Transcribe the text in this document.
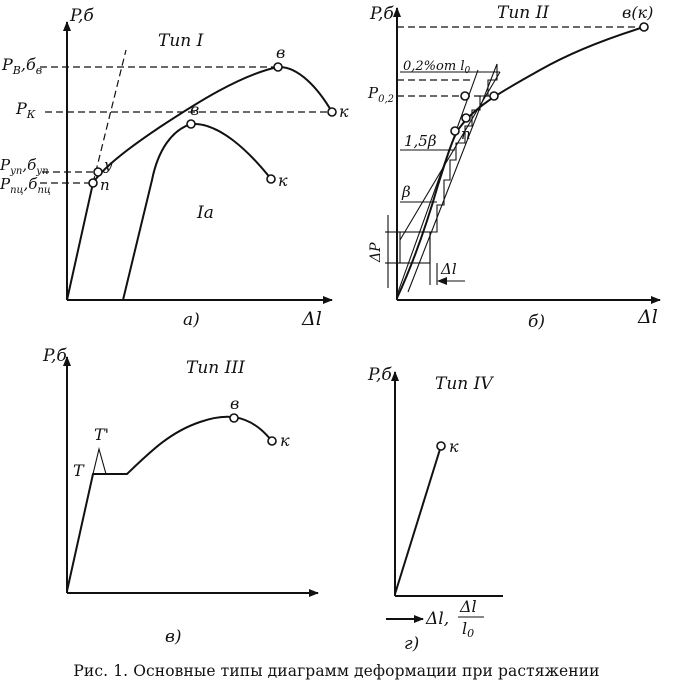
P,б
Тип I
Δl
а)
Iа
в
к
у
п
в
к
$P_В,б_в$
$P_К$
$P_{уп},б_{уп}$
$P_{пц},б_{пц}$
P,б	Тип II
Δl
б)
в(к)
0,2%от $l_0$
$P_{0,2}$
1,5β
β
п
ΔP
Δl
P,б
Тип III
в)
T
T'
в
к
P,б	Тип IV
г)
к
Δl,
Δl
l0
Рис. 1. Основные типы диаграмм деформации при растяжении
